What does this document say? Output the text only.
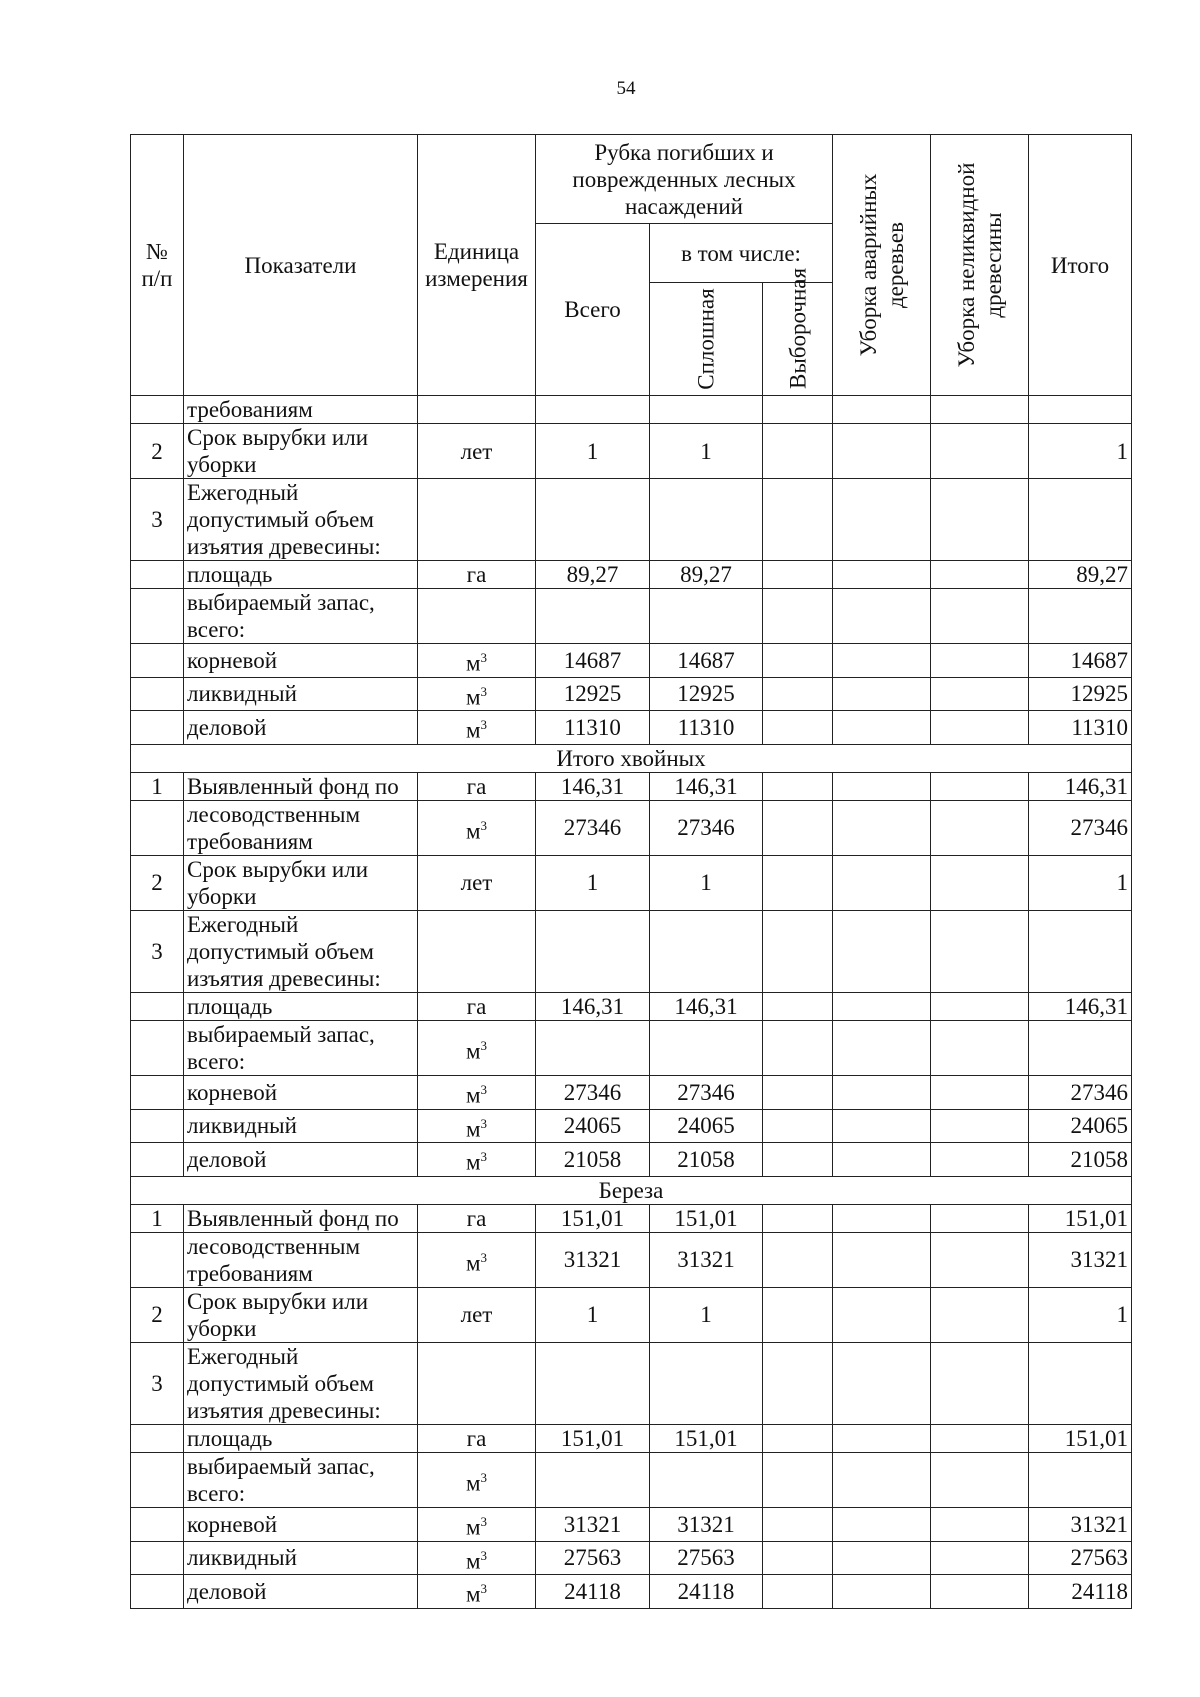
54
№ п/п	Показатели	Единица измерения	Рубка погибших и поврежденных лесных насаждений			Уборка аварийных деревьев	Уборка неликвидной древесины	Итого
			Всего	в том числе:				

				Сплошная	Выборочная			

	требованиям							
2	Срок вырубки или уборки	лет	1	1				1
3	Ежегодный допустимый объем изъятия древесины:							
	площадь	га	89,27	89,27				89,27
	выбираемый запас, всего:							
	корневой	$м^3$	14687	14687				14687
	ликвидный	$м^3$	12925	12925				12925
	деловой	$м^3$	11310	11310				11310
Итого хвойных								
1	Выявленный фонд по	га	146,31	146,31				146,31
	лесоводственным требованиям	$м^3$	27346	27346				27346
2	Срок вырубки или уборки	лет	1	1				1
3	Ежегодный допустимый объем изъятия древесины:							
	площадь	га	146,31	146,31				146,31
	выбираемый запас, всего:	$м^3$						
	корневой	$м^3$	27346	27346				27346
	ликвидный	$м^3$	24065	24065				24065
	деловой	$м^3$	21058	21058				21058
Береза								
1	Выявленный фонд по	га	151,01	151,01				151,01
	лесоводственным требованиям	$м^3$	31321	31321				31321
2	Срок вырубки или уборки	лет	1	1				1
3	Ежегодный допустимый объем изъятия древесины:							
	площадь	га	151,01	151,01				151,01
	выбираемый запас, всего:	$м^3$						
	корневой	$м^3$	31321	31321				31321
	ликвидный	$м^3$	27563	27563				27563
	деловой	$м^3$	24118	24118				24118
